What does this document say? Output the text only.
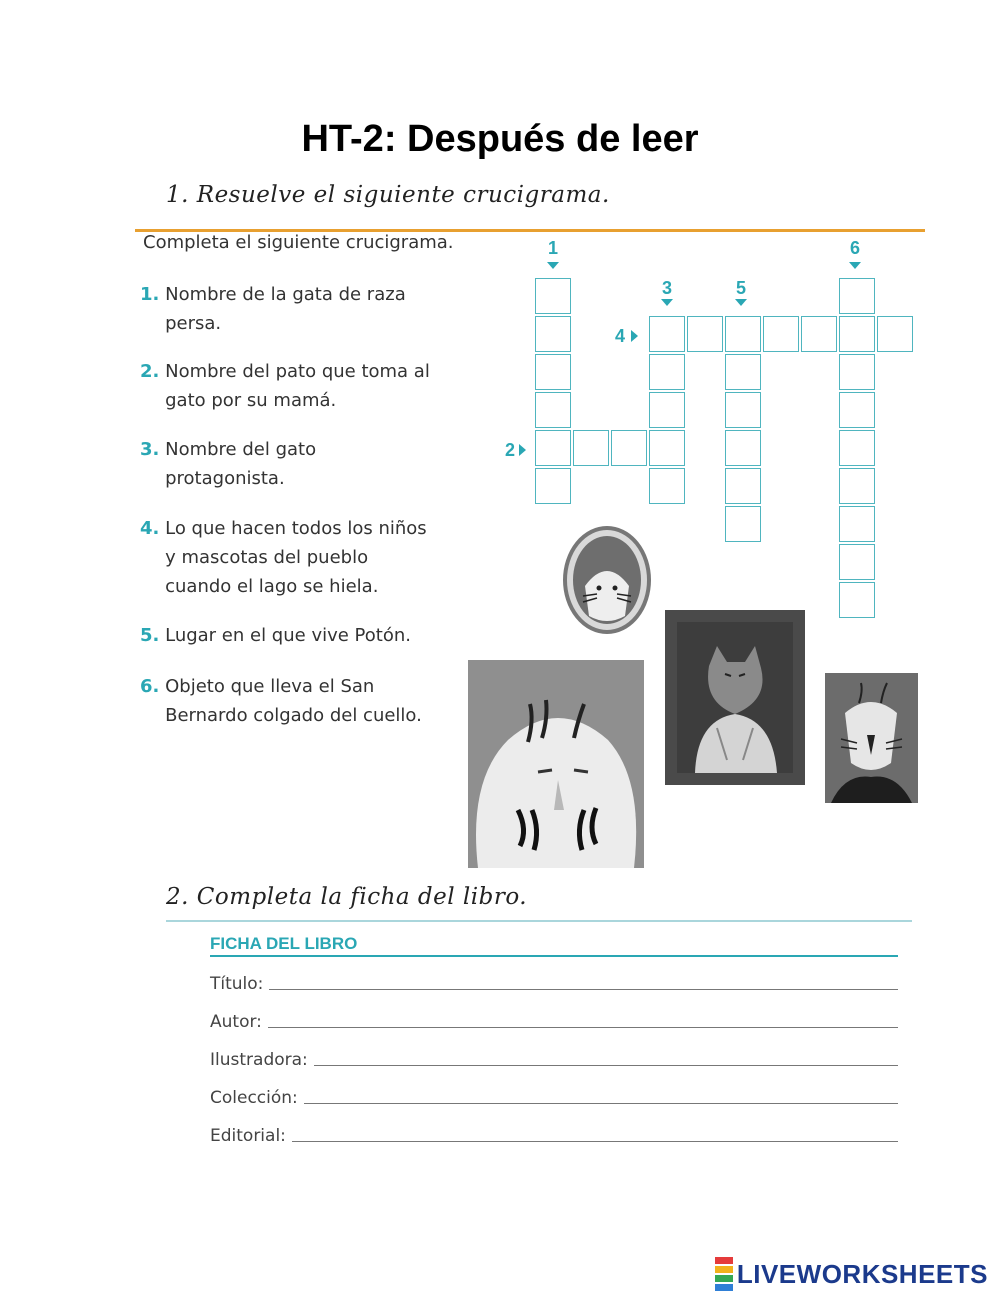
HT-2: Después de leer
1. Resuelve el siguiente crucigrama.
Completa el siguiente crucigrama.
1. Nombre de la gata de raza persa.
2. Nombre del pato que toma al gato por su mamá.
3. Nombre del gato protagonista.
4. Lo que hacen todos los niños y mascotas del pueblo cuando el lago se hiela.
5. Lugar en el que vive Potón.
6. Objeto que lleva el San Bernardo colgado del cuello.
1
3	5
6
4
2
2. Completa la ficha del libro.
FICHA DEL LIBRO
Título:
Autor:
Ilustradora:
Colección:
Editorial:
LIVEWORKSHEETS
